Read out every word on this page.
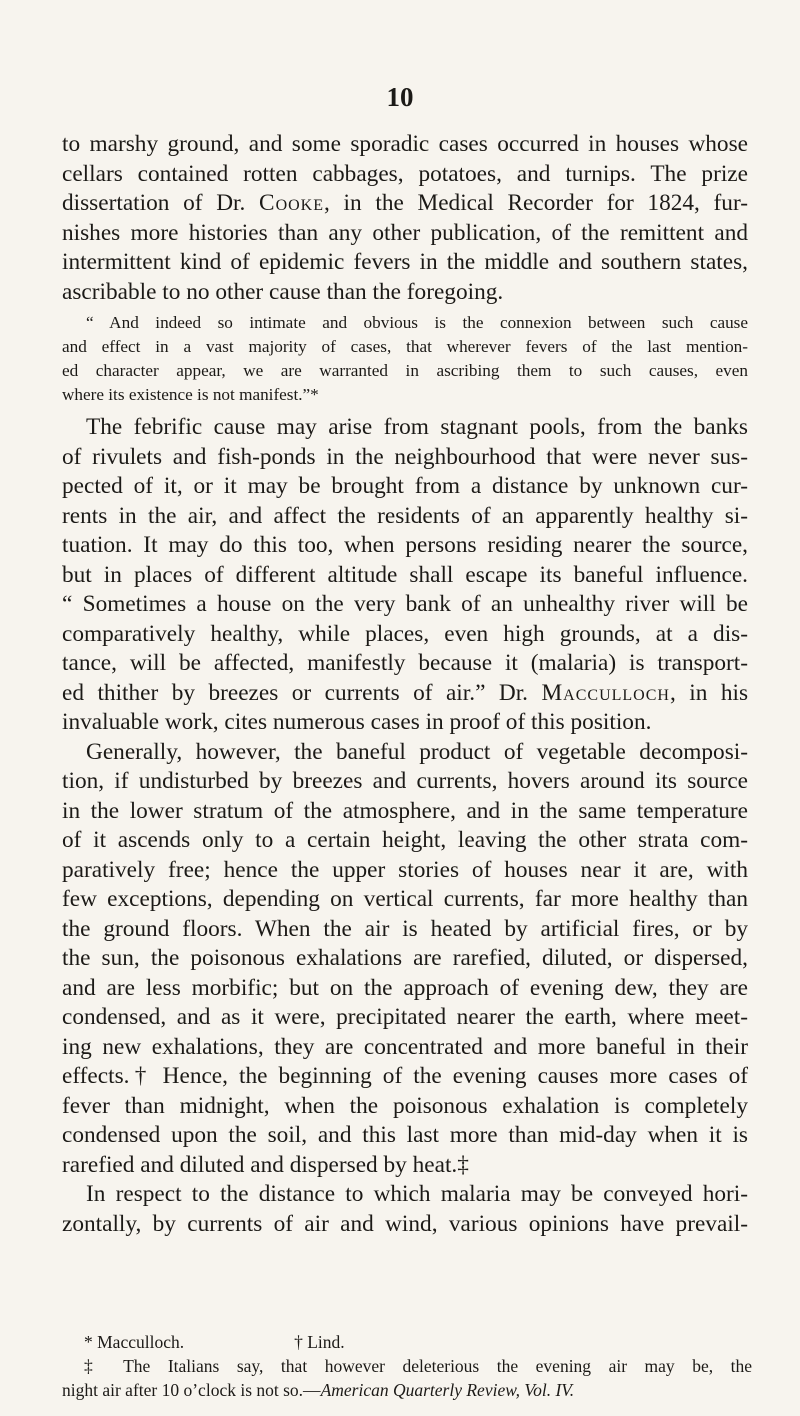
10
to marshy ground, and some sporadic cases occurred in houses whose
cellars contained rotten cabbages, potatoes, and turnips. The prize
dissertation of Dr. Cooke, in the Medical Recorder for 1824, fur-
nishes more histories than any other publication, of the remittent and
intermittent kind of epidemic fevers in the middle and southern states,
ascribable to no other cause than the foregoing.
“ And indeed so intimate and obvious is the connexion between such cause
and effect in a vast majority of cases, that wherever fevers of the last mention-
ed character appear, we are warranted in ascribing them to such causes, even
where its existence is not manifest.”*
The febrific cause may arise from stagnant pools, from the banks
of rivulets and fish-ponds in the neighbourhood that were never sus-
pected of it, or it may be brought from a distance by unknown cur-
rents in the air, and affect the residents of an apparently healthy si-
tuation. It may do this too, when persons residing nearer the source,
but in places of different altitude shall escape its baneful influence.
“ Sometimes a house on the very bank of an unhealthy river will be
comparatively healthy, while places, even high grounds, at a dis-
tance, will be affected, manifestly because it (malaria) is transport-
ed thither by breezes or currents of air.” Dr. Macculloch, in his
invaluable work, cites numerous cases in proof of this position.
Generally, however, the baneful product of vegetable decomposi-
tion, if undisturbed by breezes and currents, hovers around its source
in the lower stratum of the atmosphere, and in the same temperature
of it ascends only to a certain height, leaving the other strata com-
paratively free; hence the upper stories of houses near it are, with
few exceptions, depending on vertical currents, far more healthy than
the ground floors. When the air is heated by artificial fires, or by
the sun, the poisonous exhalations are rarefied, diluted, or dispersed,
and are less morbific; but on the approach of evening dew, they are
condensed, and as it were, precipitated nearer the earth, where meet-
ing new exhalations, they are concentrated and more baneful in their
effects.† Hence, the beginning of the evening causes more cases of
fever than midnight, when the poisonous exhalation is completely
condensed upon the soil, and this last more than mid-day when it is
rarefied and diluted and dispersed by heat.‡
In respect to the distance to which malaria may be conveyed hori-
zontally, by currents of air and wind, various opinions have prevail-
* Macculloch.	† Lind.
‡ The Italians say, that however deleterious the evening air may be, the
night air after 10 o’clock is not so.—American Quarterly Review, Vol. IV.
